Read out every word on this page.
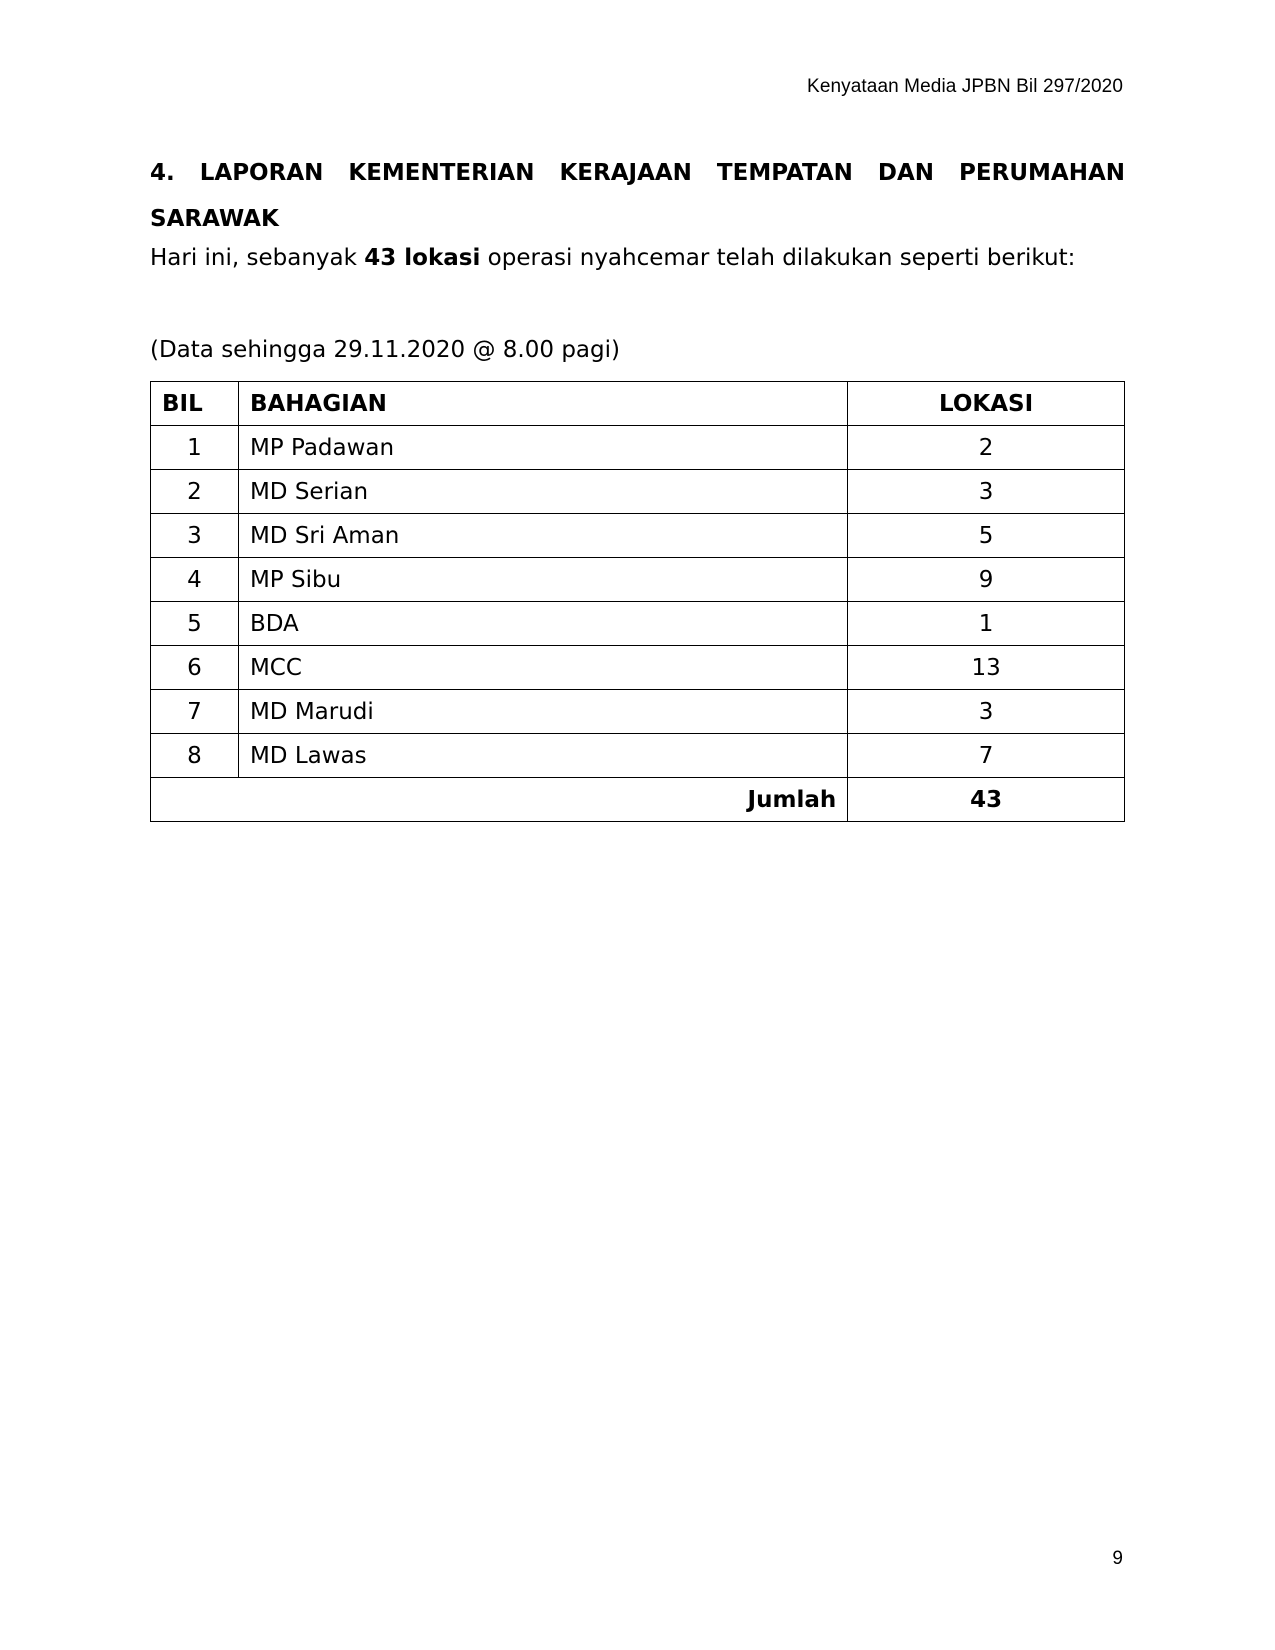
Kenyataan Media JPBN Bil 297/2020
4. LAPORAN KEMENTERIAN KERAJAAN TEMPATAN DAN PERUMAHAN SARAWAK
Hari ini, sebanyak 43 lokasi operasi nyahcemar telah dilakukan seperti berikut:
(Data sehingga 29.11.2020 @ 8.00 pagi)
BIL	BAHAGIAN	LOKASI
1	MP Padawan	2
2	MD Serian	3
3	MD Sri Aman	5
4	MP Sibu	9
5	BDA	1
6	MCC	13
7	MD Marudi	3
8	MD Lawas	7
Jumlah		43
9
